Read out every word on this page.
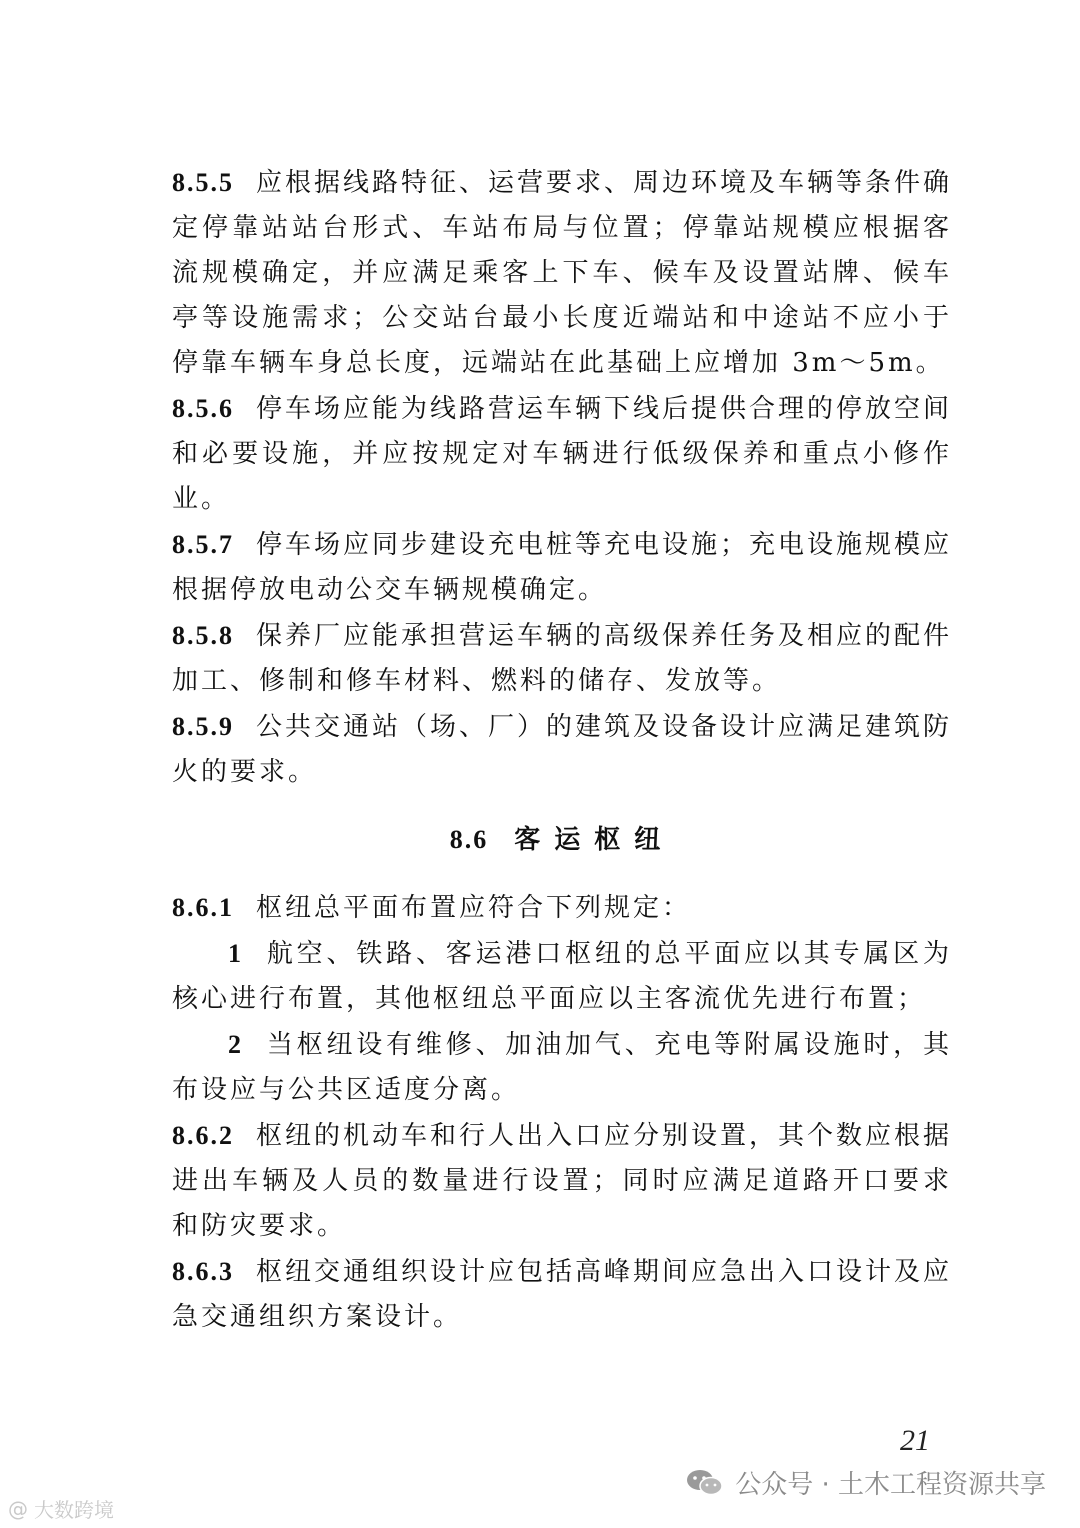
8.5.5 应根据线路特征、运营要求、周边环境及车辆等条件确定停靠站站台形式、车站布局与位置；停靠站规模应根据客流规模确定，并应满足乘客上下车、候车及设置站牌、候车亭等设施需求；公交站台最小长度近端站和中途站不应小于停靠车辆车身总长度，远端站在此基础上应增加 3m～5m。

8.5.6 停车场应能为线路营运车辆下线后提供合理的停放空间和必要设施，并应按规定对车辆进行低级保养和重点小修作业。

8.5.7 停车场应同步建设充电桩等充电设施；充电设施规模应根据停放电动公交车辆规模确定。

8.5.8 保养厂应能承担营运车辆的高级保养任务及相应的配件加工、修制和修车材料、燃料的储存、发放等。

8.5.9 公共交通站（场、厂）的建筑及设备设计应满足建筑防火的要求。

8.6 客运枢纽

8.6.1 枢纽总平面布置应符合下列规定：

1 航空、铁路、客运港口枢纽的总平面应以其专属区为核心进行布置，其他枢纽总平面应以主客流优先进行布置；

2 当枢纽设有维修、加油加气、充电等附属设施时，其布设应与公共区适度分离。

8.6.2 枢纽的机动车和行人出入口应分别设置，其个数应根据进出车辆及人员的数量进行设置；同时应满足道路开口要求和防灾要求。

8.6.3 枢纽交通组织设计应包括高峰期间应急出入口设计及应急交通组织方案设计。

21
公众号 · 土木工程资源共享
@ 大数跨境
